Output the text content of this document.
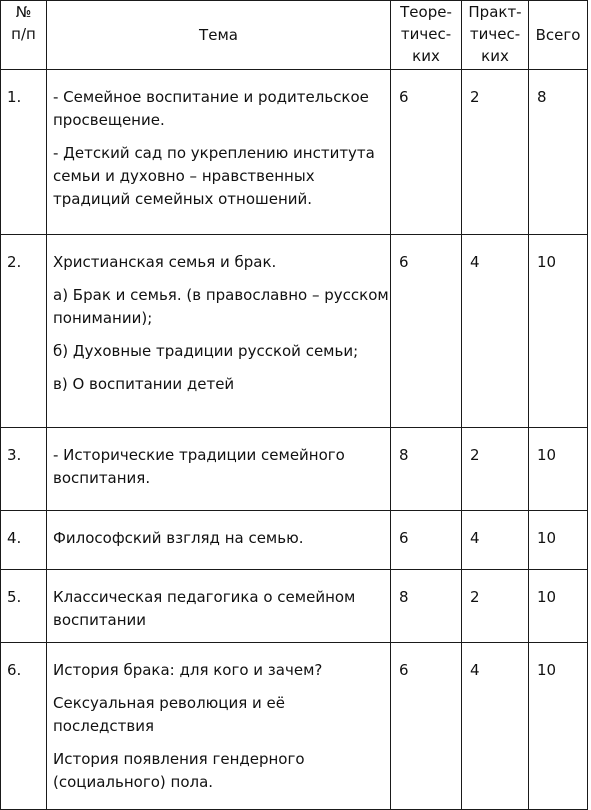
№
п/п	Тема	Теоре-
тичес-
ких	Практ-
тичес-
ких	Всего
1.	- Семейное воспитание и родительское просвещение.

- Детский сад по укреплению института семьи и духовно – нравственных традиций семейных отношений.	6	2	8
2.	Христианская семья и брак.

а) Брак и семья. (в православно – русском понимании);

б) Духовные традиции русской семьи;

в) О воспитании детей	6	4	10
3.	- Исторические традиции семейного воспитания.	8	2	10
4.	Философский взгляд на семью.	6	4	10
5.	Классическая педагогика о семейном воспитании	8	2	10
6.	История брака: для кого и зачем?

Сексуальная революция и её последствия

История появления гендерного (социального) пола.	6	4	10
